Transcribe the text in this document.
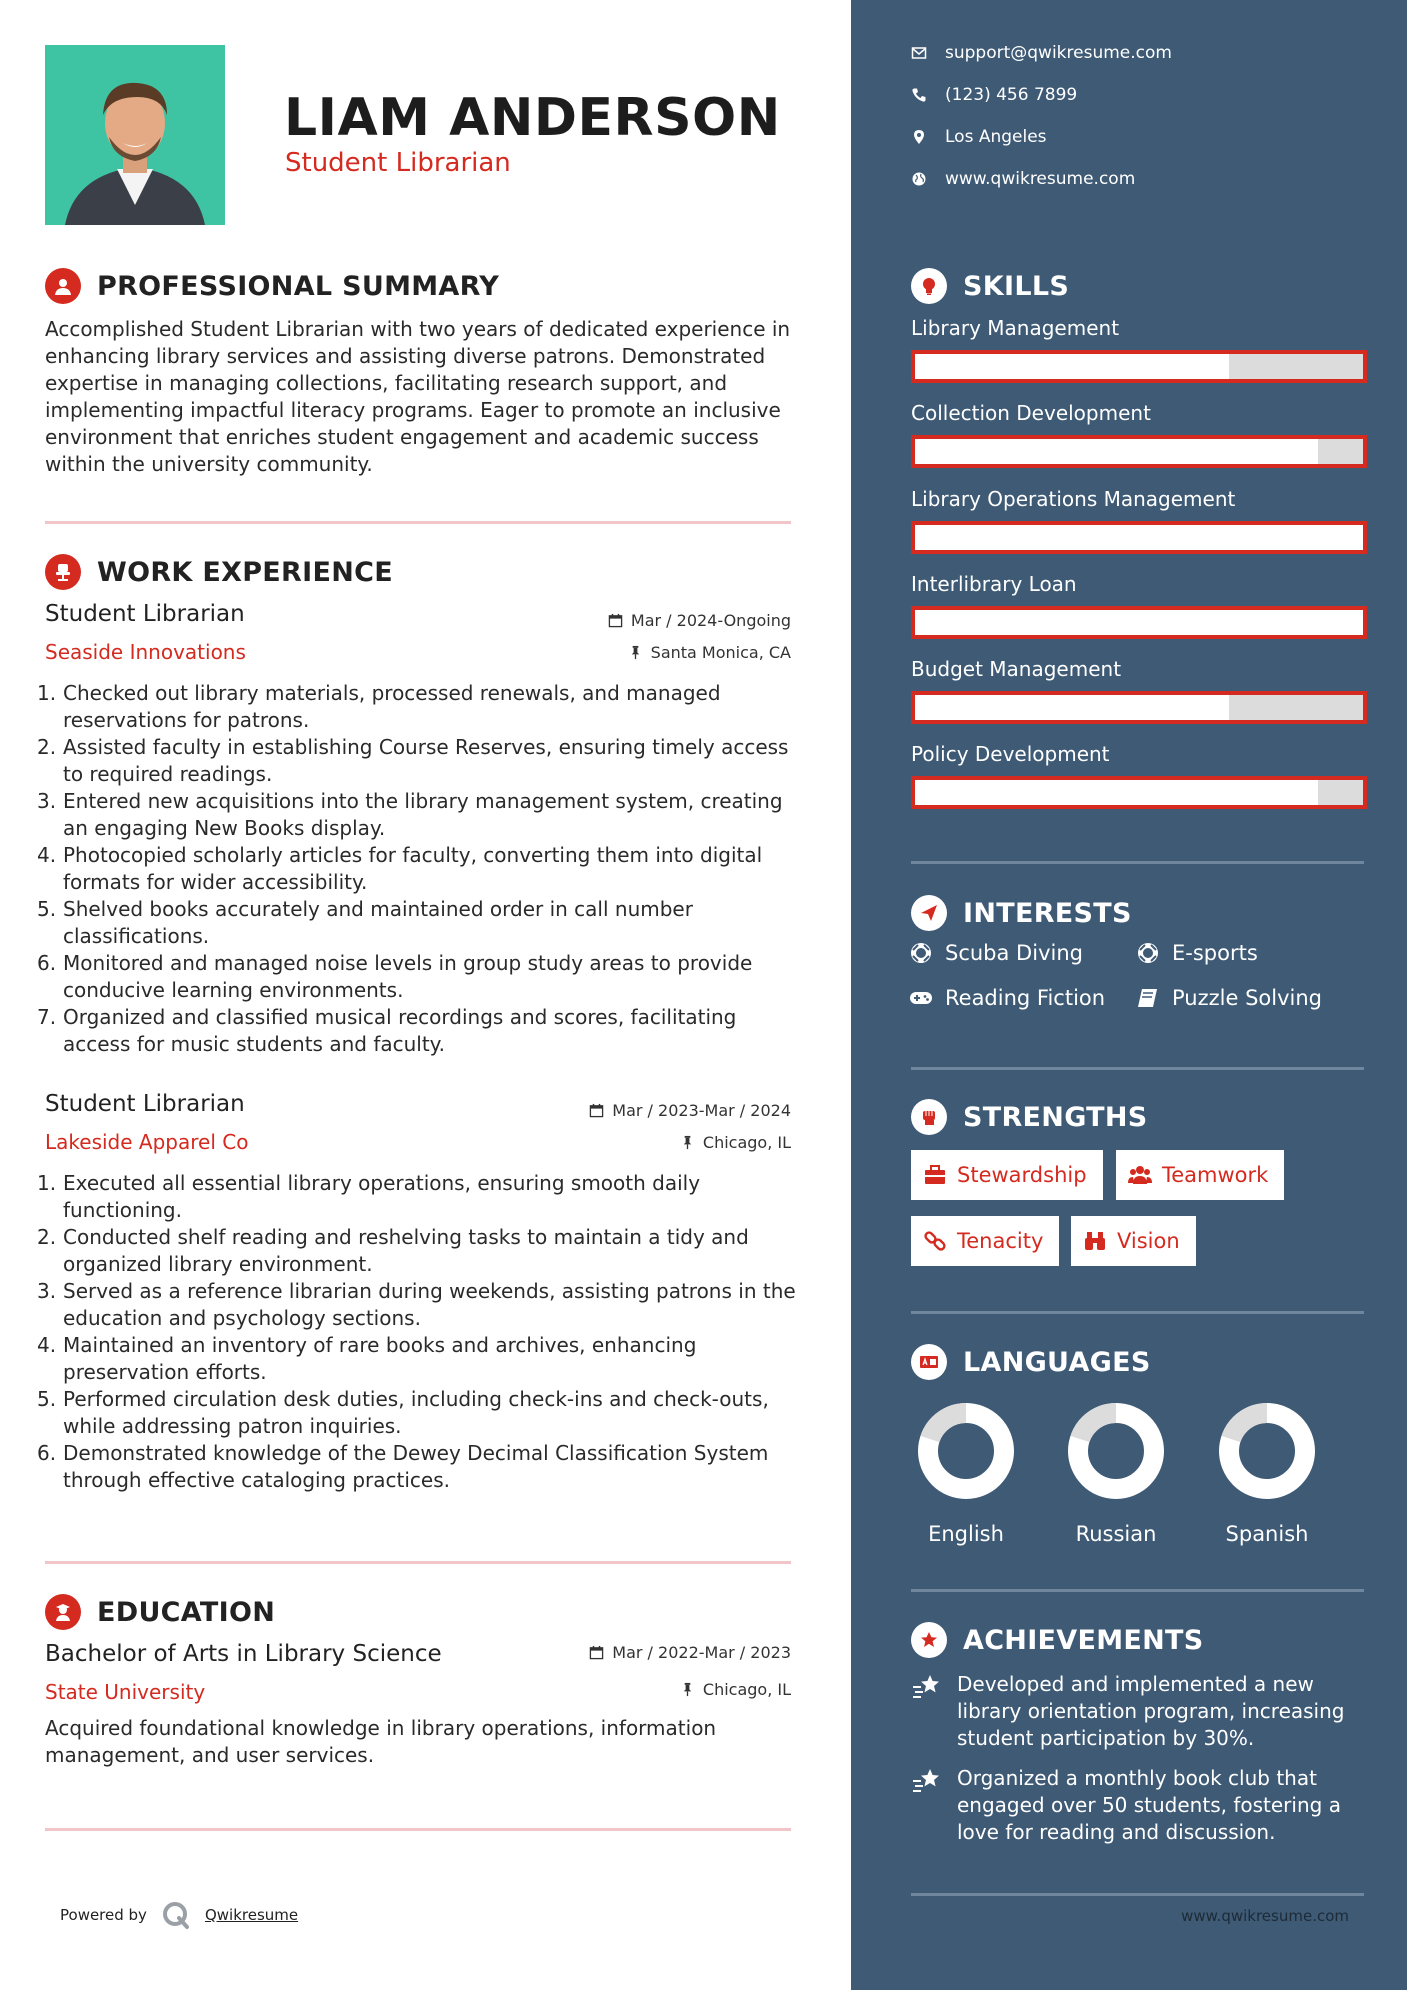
LIAM ANDERSON
Student Librarian
PROFESSIONAL SUMMARY
Accomplished Student Librarian with two years of dedicated experience in enhancing library services and assisting diverse patrons. Demonstrated expertise in managing collections, facilitating research support, and implementing impactful literacy programs. Eager to promote an inclusive environment that enriches student engagement and academic success within the university community.
WORK EXPERIENCE
Student Librarian
Seaside Innovations
Mar / 2024-Ongoing
Santa Monica, CA
1. Checked out library materials, processed renewals, and managed reservations for patrons.
2. Assisted faculty in establishing Course Reserves, ensuring timely access to required readings.
3. Entered new acquisitions into the library management system, creating an engaging New Books display.
4. Photocopied scholarly articles for faculty, converting them into digital formats for wider accessibility.
5. Shelved books accurately and maintained order in call number classifications.
6. Monitored and managed noise levels in group study areas to provide conducive learning environments.
7. Organized and classified musical recordings and scores, facilitating access for music students and faculty.
Student Librarian
Lakeside Apparel Co
Mar / 2023-Mar / 2024
Chicago, IL
1. Executed all essential library operations, ensuring smooth daily functioning.
2. Conducted shelf reading and reshelving tasks to maintain a tidy and organized library environment.
3. Served as a reference librarian during weekends, assisting patrons in the education and psychology sections.
4. Maintained an inventory of rare books and archives, enhancing preservation efforts.
5. Performed circulation desk duties, including check-ins and check-outs, while addressing patron inquiries.
6. Demonstrated knowledge of the Dewey Decimal Classification System through effective cataloging practices.
EDUCATION
Bachelor of Arts in Library Science
State University
Mar / 2022-Mar / 2023
Chicago, IL
Acquired foundational knowledge in library operations, information management, and user services.
Powered by	Qwikresume
support@qwikresume.com
(123) 456 7899
Los Angeles
www.qwikresume.com
SKILLS
Library Management
Collection Development
Library Operations Management
Interlibrary Loan
Budget Management
Policy Development
INTERESTS
Scuba Diving	E-sports
Reading Fiction	Puzzle Solving
STRENGTHS
Stewardship	Teamwork
Tenacity	Vision
LANGUAGES
English	Russian	Spanish
ACHIEVEMENTS
Developed and implemented a new library orientation program, increasing student participation by 30%.
Organized a monthly book club that engaged over 50 students, fostering a love for reading and discussion.
www.qwikresume.com
